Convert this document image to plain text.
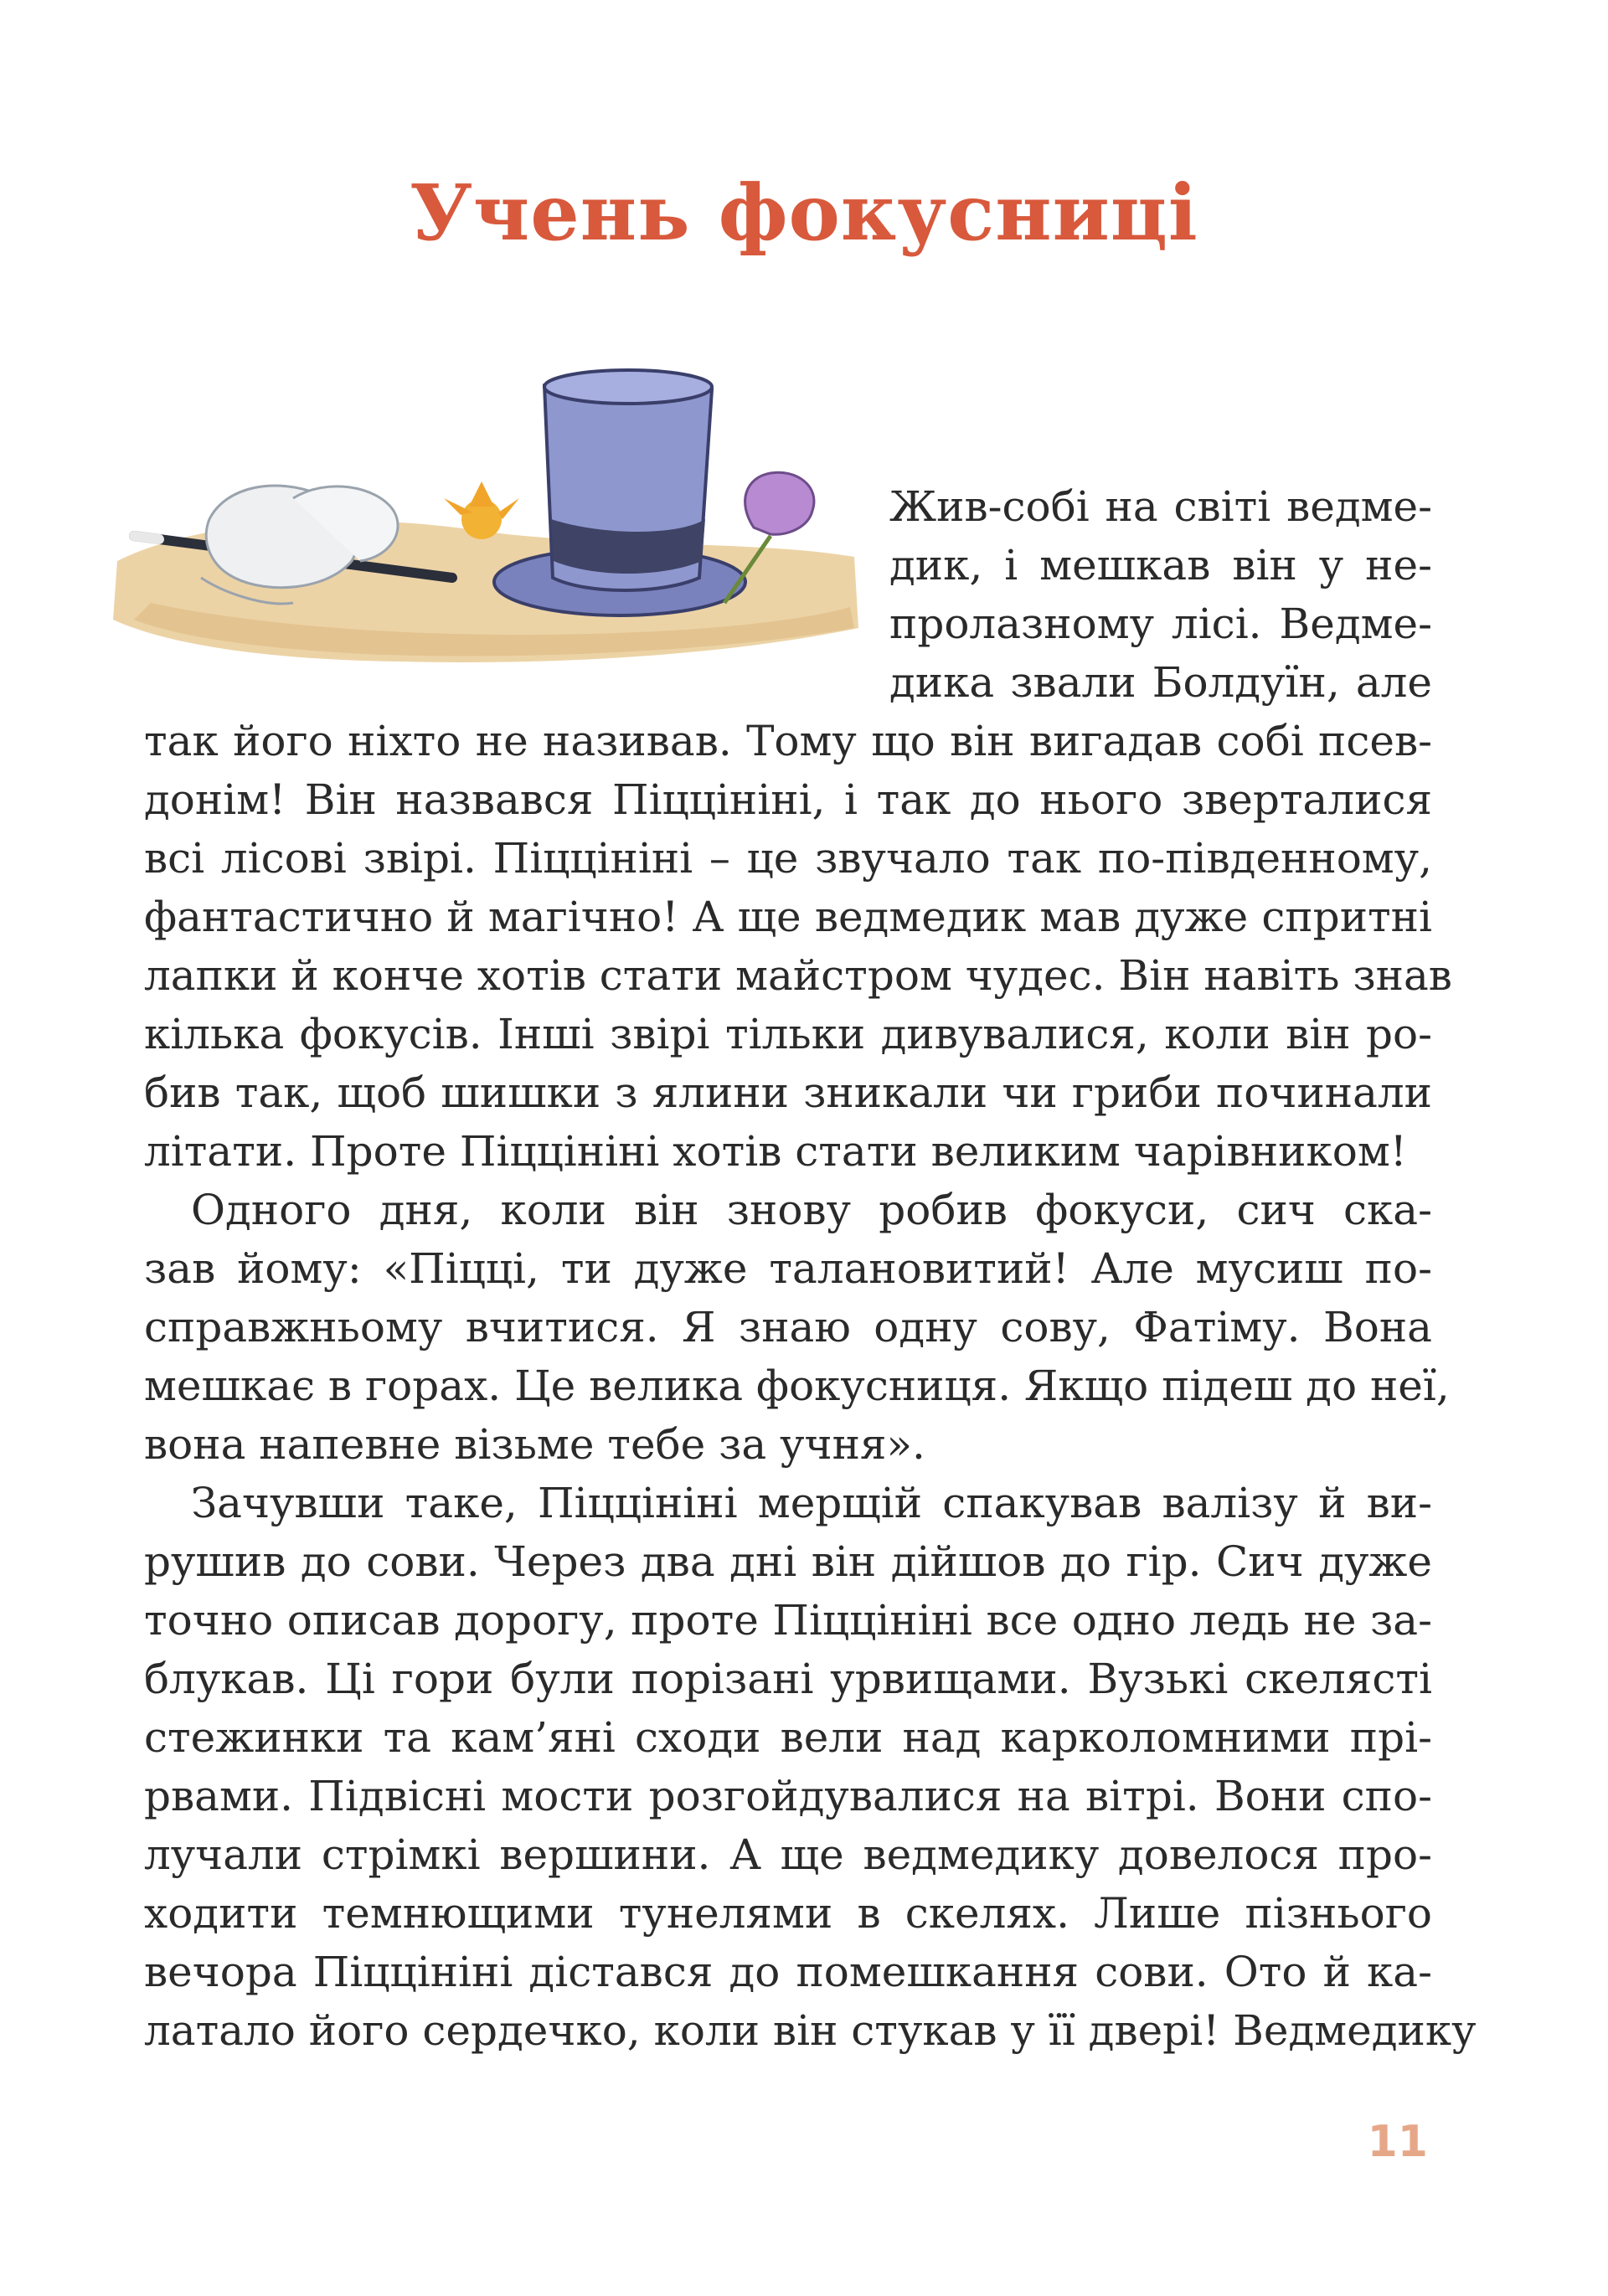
Учень фокусниці
Жив-собі на світі ведме-
дик, і мешкав він у не-
пролазному лісі. Ведме-
дика звали Болдуїн, але
так його ніхто не називав. Тому що він вигадав собі псев-
донім! Він назвався Піццініні, і так до нього зверталися
всі лісові звірі. Піццініні – це звучало так по-південному,
фантастично й магічно! А ще ведмедик мав дуже спритні
лапки й конче хотів стати майстром чудес. Він навіть знав
кілька фокусів. Інші звірі тільки дивувалися, коли він ро-
бив так, щоб шишки з ялини зникали чи гриби починали
літати. Проте Піццініні хотів стати великим чарівником!
Одного дня, коли він знову робив фокуси, сич ска-
зав йому: «Піцці, ти дуже талановитий! Але мусиш по-
справжньому вчитися. Я знаю одну сову, Фатіму. Вона
мешкає в горах. Це велика фокусниця. Якщо підеш до неї,
вона напевне візьме тебе за учня».
Зачувши таке, Піццініні мерщій спакував валізу й ви-
рушив до сови. Через два дні він дійшов до гір. Сич дуже
точно описав дорогу, проте Піццініні все одно ледь не за-
блукав. Ці гори були порізані урвищами. Вузькі скелясті
стежинки та кам’яні сходи вели над карколомними прі-
рвами. Підвісні мости розгойдувалися на вітрі. Вони спо-
лучали стрімкі вершини. А ще ведмедику довелося про-
ходити темнющими тунелями в скелях. Лише пізнього
вечора Піццініні дістався до помешкання сови. Ото й ка-
латало його сердечко, коли він стукав у її двері! Ведмедику
11
